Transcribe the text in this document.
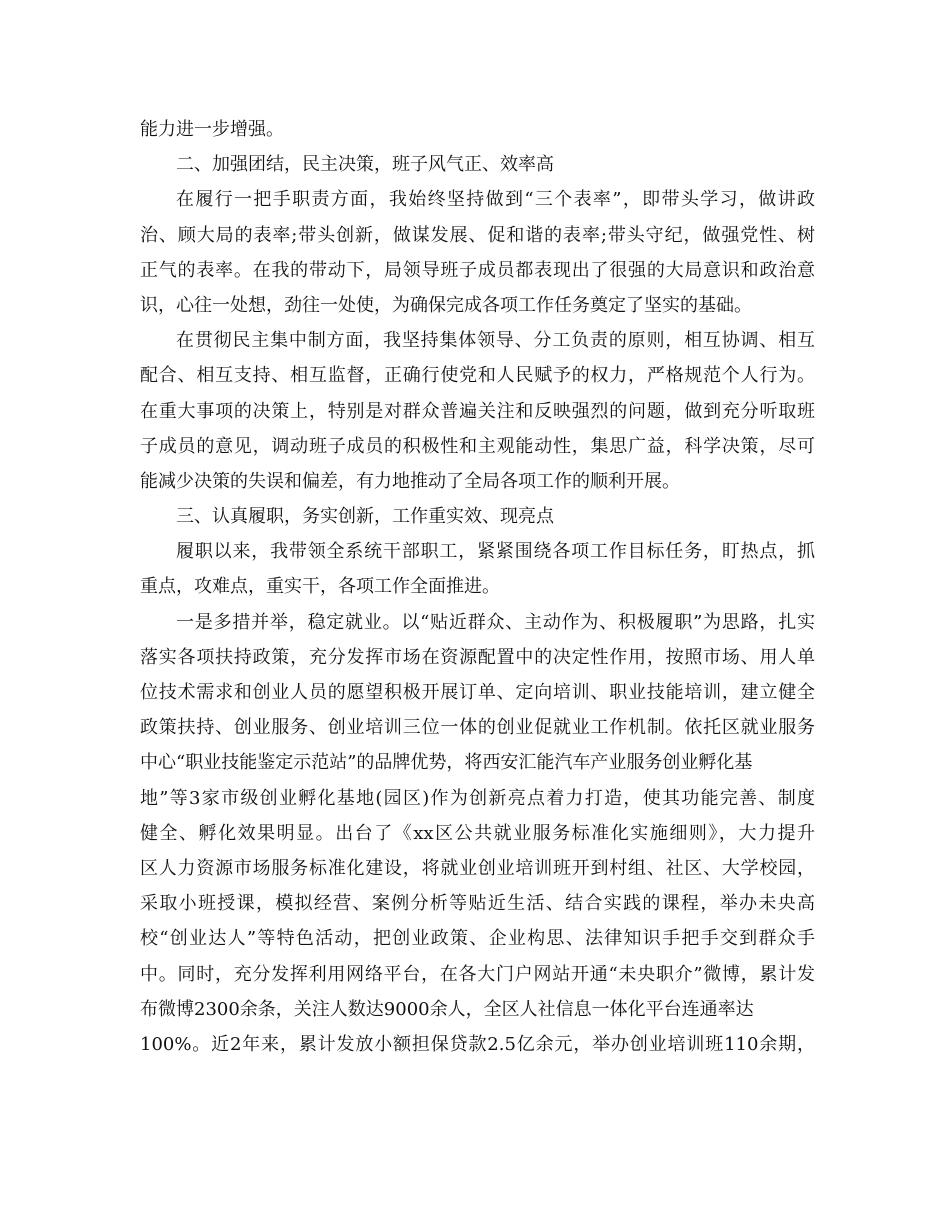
能力进一步增强。
二、加强团结，民主决策，班子风气正、效率高
在履行一把手职责方面，我始终坚持做到“三个表率”，即带头学习，做讲政
治、顾大局的表率;带头创新，做谋发展、促和谐的表率;带头守纪，做强党性、树
正气的表率。在我的带动下，局领导班子成员都表现出了很强的大局意识和政治意
识，心往一处想，劲往一处使，为确保完成各项工作任务奠定了坚实的基础。
在贯彻民主集中制方面，我坚持集体领导、分工负责的原则，相互协调、相互
配合、相互支持、相互监督，正确行使党和人民赋予的权力，严格规范个人行为。
在重大事项的决策上，特别是对群众普遍关注和反映强烈的问题，做到充分听取班
子成员的意见，调动班子成员的积极性和主观能动性，集思广益，科学决策，尽可
能减少决策的失误和偏差，有力地推动了全局各项工作的顺利开展。
三、认真履职，务实创新，工作重实效、现亮点
履职以来，我带领全系统干部职工，紧紧围绕各项工作目标任务，盯热点，抓
重点，攻难点，重实干，各项工作全面推进。
一是多措并举，稳定就业。以“贴近群众、主动作为、积极履职”为思路，扎实
落实各项扶持政策，充分发挥市场在资源配置中的决定性作用，按照市场、用人单
位技术需求和创业人员的愿望积极开展订单、定向培训、职业技能培训，建立健全
政策扶持、创业服务、创业培训三位一体的创业促就业工作机制。依托区就业服务
中心“职业技能鉴定示范站”的品牌优势，将西安汇能汽车产业服务创业孵化基
地”等3家市级创业孵化基地(园区)作为创新亮点着力打造，使其功能完善、制度
健全、孵化效果明显。出台了《xx区公共就业服务标准化实施细则》，大力提升
区人力资源市场服务标准化建设，将就业创业培训班开到村组、社区、大学校园，
采取小班授课，模拟经营、案例分析等贴近生活、结合实践的课程，举办未央高
校“创业达人”等特色活动，把创业政策、企业构思、法律知识手把手交到群众手
中。同时，充分发挥利用网络平台，在各大门户网站开通“未央职介”微博，累计发
布微博2300余条，关注人数达9000余人，全区人社信息一体化平台连通率达
100%。近2年来，累计发放小额担保贷款2.5亿余元，举办创业培训班110余期，
